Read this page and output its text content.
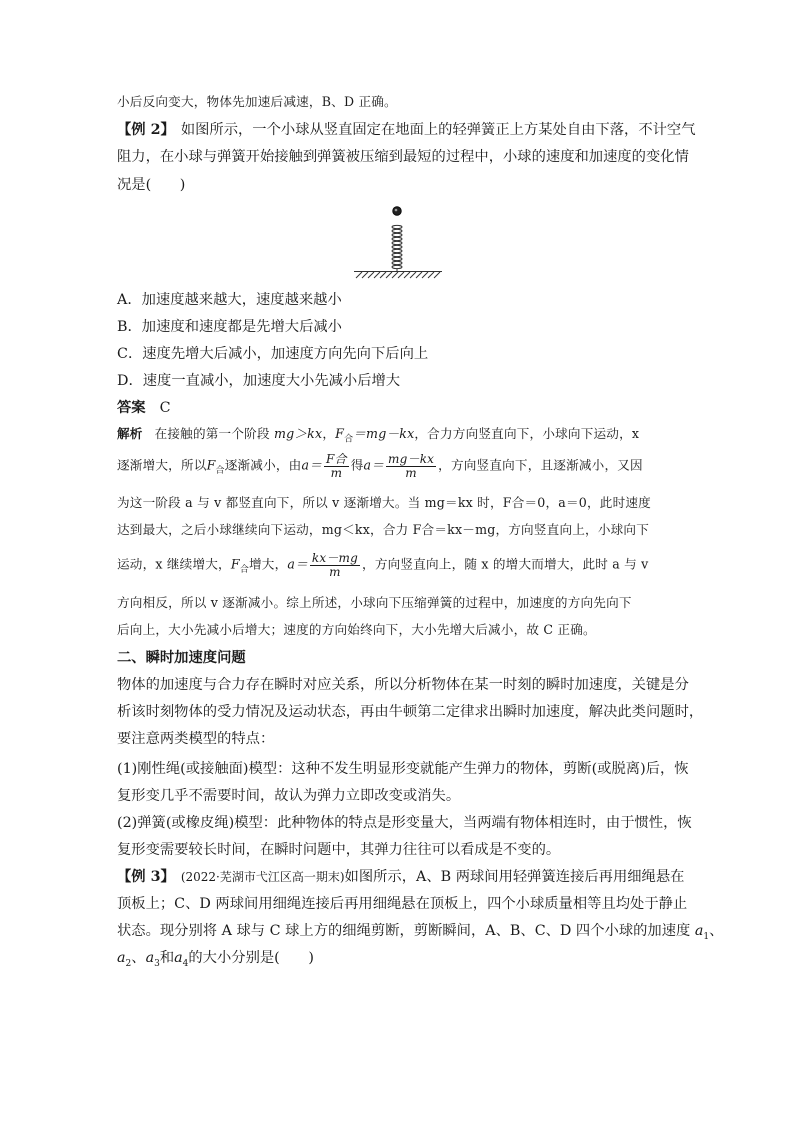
小后反向变大，物体先加速后减速，B、D 正确。
【例 2】 如图所示，一个小球从竖直固定在地面上的轻弹簧正上方某处自由下落，不计空气
阻力，在小球与弹簧开始接触到弹簧被压缩到最短的过程中，小球的速度和加速度的变化情
况是(　　)
A．加速度越来越大，速度越来越小
B．加速度和速度都是先增大后减小
C．速度先增大后减小，加速度方向先向下后向上
D．速度一直减小，加速度大小先减小后增大
答案 C
解析 在接触的第一个阶段 mg＞kx，$F_合=mg-kx$，合力方向竖直向下，小球向下运动，x
逐渐增大，所以$F_合$逐渐减小，由$a= \frac{\text{F合}}{m}$ 得$a= \frac{mg-kx}{m}$ ，方向竖直向下，且逐渐减小，又因
为这一阶段 a 与 v 都竖直向下，所以 v 逐渐增大。当 mg＝kx 时，F合＝0，a＝0，此时速度
达到最大，之后小球继续向下运动，mg＜kx，合力 F合＝kx－mg，方向竖直向上，小球向下
运动，x 继续增大，$F_合$增大，$a= \frac{kx-mg}{m}$ ，方向竖直向上，随 x 的增大而增大，此时 a 与 v
方向相反，所以 v 逐渐减小。综上所述，小球向下压缩弹簧的过程中，加速度的方向先向下
后向上，大小先减小后增大；速度的方向始终向下，大小先增大后减小，故 C 正确。
二、瞬时加速度问题
物体的加速度与合力存在瞬时对应关系，所以分析物体在某一时刻的瞬时加速度，关键是分
析该时刻物体的受力情况及运动状态，再由牛顿第二定律求出瞬时加速度，解决此类问题时，
要注意两类模型的特点：
(1)刚性绳(或接触面)模型：这种不发生明显形变就能产生弹力的物体，剪断(或脱离)后，恢
复形变几乎不需要时间，故认为弹力立即改变或消失。
(2)弹簧(或橡皮绳)模型：此种物体的特点是形变量大，当两端有物体相连时，由于惯性，恢
复形变需要较长时间，在瞬时问题中，其弹力往往可以看成是不变的。
【例 3】 (2022·芜湖市弋江区高一期末)如图所示，A、B 两球间用轻弹簧连接后再用细绳悬在
顶板上；C、D 两球间用细绳连接后再用细绳悬在顶板上，四个小球质量相等且均处于静止
状态。现分别将 A 球与 C 球上方的细绳剪断，剪断瞬间，A、B、C、D 四个小球的加速度 $a_1$、
$a_2$、$a_3$和$a_4$的大小分别是(　　)
